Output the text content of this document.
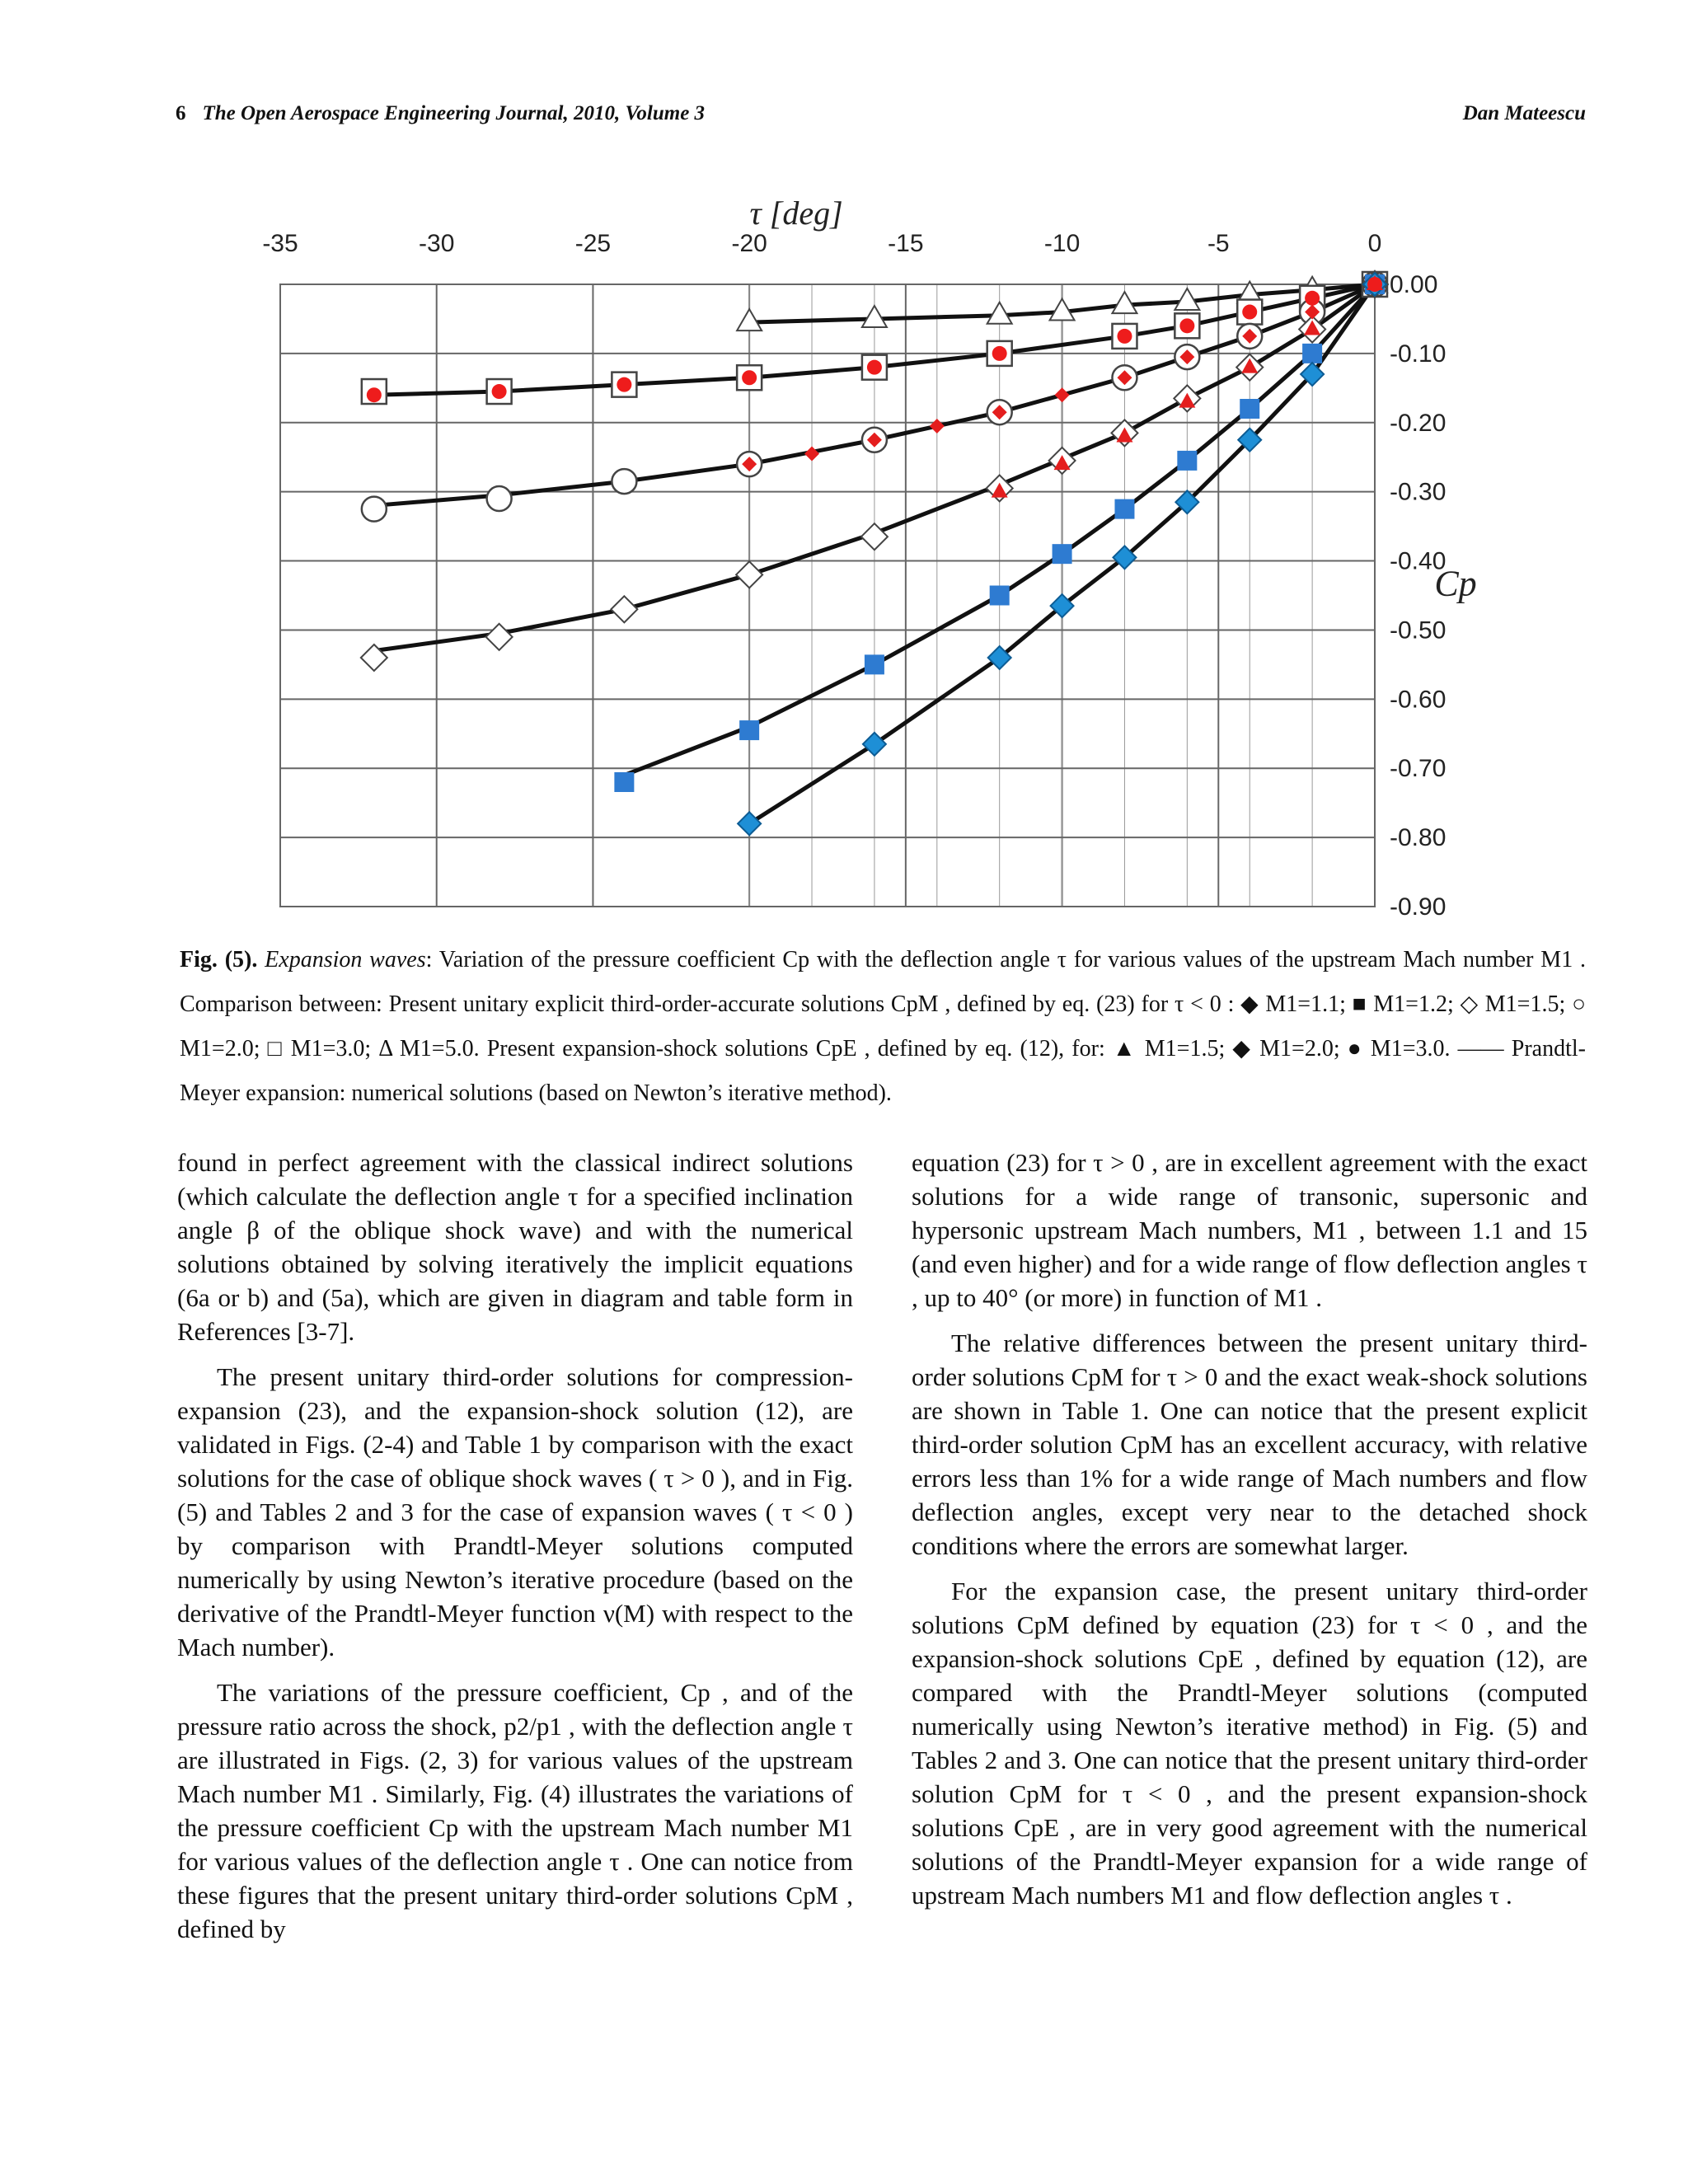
6 The Open Aerospace Engineering Journal, 2010, Volume 3	Dan Mateescu
-35	-30	-25	-20	-15	-10	-5	0
0.00
-0.10
-0.20
-0.30
-0.40
-0.50
-0.60
-0.70
-0.80
-0.90
τ [deg]
Cp
Fig. (5). Expansion waves: Variation of the pressure coefficient Cp with the deflection angle τ for various values of the upstream Mach number M1 . Comparison between: Present unitary explicit third-order-accurate solutions CpM , defined by eq. (23) for τ < 0 : ◆ M1=1.1; ■ M1=1.2; ◇ M1=1.5; ○ M1=2.0; □ M1=3.0; Δ M1=5.0. Present expansion-shock solutions CpE , defined by eq. (12), for: ▲ M1=1.5; ◆ M1=2.0; ● M1=3.0. —— Prandtl-Meyer expansion: numerical solutions (based on Newton’s iterative method).

found in perfect agreement with the classical indirect solutions (which calculate the deflection angle τ for a specified inclination angle β of the oblique shock wave) and with the numerical solutions obtained by solving iteratively the implicit equations (6a or b) and (5a), which are given in diagram and table form in References [3-7].

The present unitary third-order solutions for compression-expansion (23), and the expansion-shock solution (12), are validated in Figs. (2-4) and Table 1 by comparison with the exact solutions for the case of oblique shock waves ( τ > 0 ), and in Fig. (5) and Tables 2 and 3 for the case of expansion waves ( τ < 0 ) by comparison with Prandtl-Meyer solutions computed numerically by using Newton’s iterative procedure (based on the derivative of the Prandtl-Meyer function ν(M) with respect to the Mach number).

The variations of the pressure coefficient, Cp , and of the pressure ratio across the shock, p2/p1 , with the deflection angle τ are illustrated in Figs. (2, 3) for various values of the upstream Mach number M1 . Similarly, Fig. (4) illustrates the variations of the pressure coefficient Cp with the upstream Mach number M1 for various values of the deflection angle τ . One can notice from these figures that the present unitary third-order solutions CpM , defined by

equation (23) for τ > 0 , are in excellent agreement with the exact solutions for a wide range of transonic, supersonic and hypersonic upstream Mach numbers, M1 , between 1.1 and 15 (and even higher) and for a wide range of flow deflection angles τ , up to 40° (or more) in function of M1 .

The relative differences between the present unitary third-order solutions CpM for τ > 0 and the exact weak-shock solutions are shown in Table 1. One can notice that the present explicit third-order solution CpM has an excellent accuracy, with relative errors less than 1% for a wide range of Mach numbers and flow deflection angles, except very near to the detached shock conditions where the errors are somewhat larger.

For the expansion case, the present unitary third-order solutions CpM defined by equation (23) for τ < 0 , and the expansion-shock solutions CpE , defined by equation (12), are compared with the Prandtl-Meyer solutions (computed numerically using Newton’s iterative method) in Fig. (5) and Tables 2 and 3. One can notice that the present unitary third-order solution CpM for τ < 0 , and the present expansion-shock solutions CpE , are in very good agreement with the numerical solutions of the Prandtl-Meyer expansion for a wide range of upstream Mach numbers M1 and flow deflection angles τ .
